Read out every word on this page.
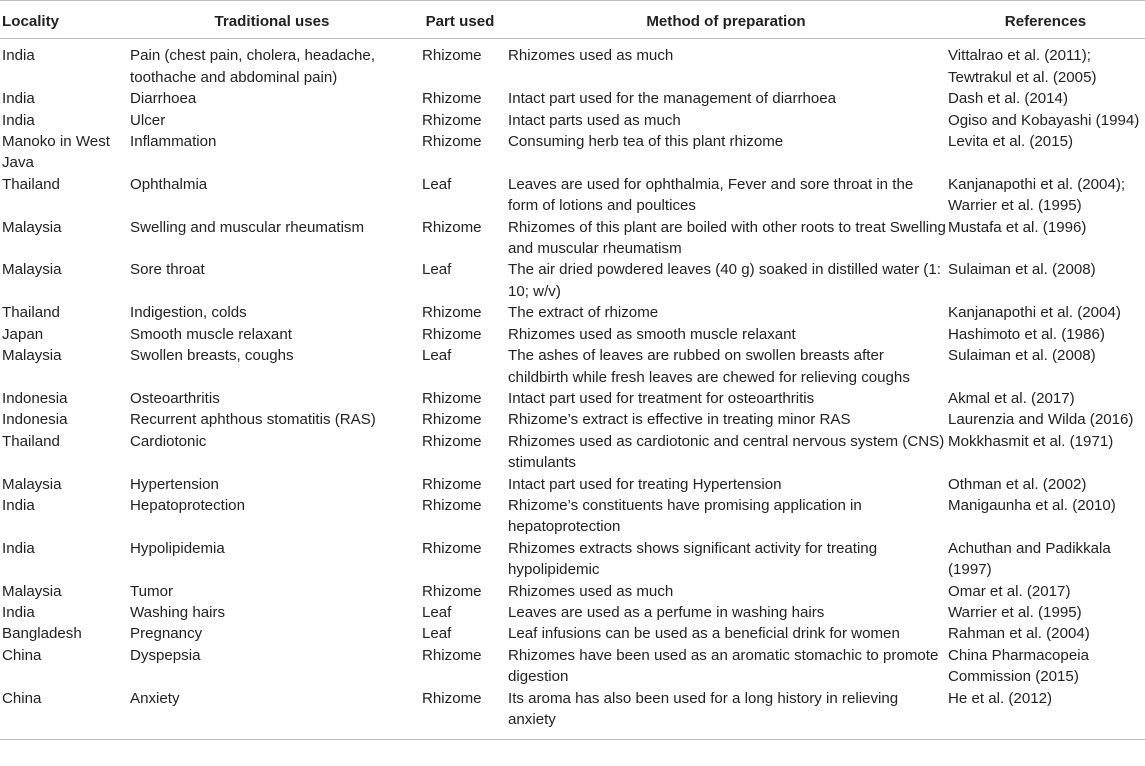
Locality	Traditional uses	Part used	Method of preparation	References
India	Pain (chest pain, cholera, headache, toothache and abdominal pain)	Rhizome	Rhizomes used as much	Vittalrao et al. (2011); Tewtrakul et al. (2005)
India	Diarrhoea	Rhizome	Intact part used for the management of diarrhoea	Dash et al. (2014)
India	Ulcer	Rhizome	Intact parts used as much	Ogiso and Kobayashi (1994)
Manoko in West Java	Inflammation	Rhizome	Consuming herb tea of this plant rhizome	Levita et al. (2015)
Thailand	Ophthalmia	Leaf	Leaves are used for ophthalmia, Fever and sore throat in the form of lotions and poultices	Kanjanapothi et al. (2004); Warrier et al. (1995)
Malaysia	Swelling and muscular rheumatism	Rhizome	Rhizomes of this plant are boiled with other roots to treat Swelling and muscular rheumatism	Mustafa et al. (1996)
Malaysia	Sore throat	Leaf	The air dried powdered leaves (40 g) soaked in distilled water (1: 10; w/v)	Sulaiman et al. (2008)
Thailand	Indigestion, colds	Rhizome	The extract of rhizome	Kanjanapothi et al. (2004)
Japan	Smooth muscle relaxant	Rhizome	Rhizomes used as smooth muscle relaxant	Hashimoto et al. (1986)
Malaysia	Swollen breasts, coughs	Leaf	The ashes of leaves are rubbed on swollen breasts after childbirth while fresh leaves are chewed for relieving coughs	Sulaiman et al. (2008)
Indonesia	Osteoarthritis	Rhizome	Intact part used for treatment for osteoarthritis	Akmal et al. (2017)
Indonesia	Recurrent aphthous stomatitis (RAS)	Rhizome	Rhizome’s extract is effective in treating minor RAS	Laurenzia and Wilda (2016)
Thailand	Cardiotonic	Rhizome	Rhizomes used as cardiotonic and central nervous system (CNS) stimulants	Mokkhasmit et al. (1971)
Malaysia	Hypertension	Rhizome	Intact part used for treating Hypertension	Othman et al. (2002)
India	Hepatoprotection	Rhizome	Rhizome’s constituents have promising application in hepatoprotection	Manigaunha et al. (2010)
India	Hypolipidemia	Rhizome	Rhizomes extracts shows significant activity for treating hypolipidemic	Achuthan and Padikkala (1997)
Malaysia	Tumor	Rhizome	Rhizomes used as much	Omar et al. (2017)
India	Washing hairs	Leaf	Leaves are used as a perfume in washing hairs	Warrier et al. (1995)
Bangladesh	Pregnancy	Leaf	Leaf infusions can be used as a beneficial drink for women	Rahman et al. (2004)
China	Dyspepsia	Rhizome	Rhizomes have been used as an aromatic stomachic to promote digestion	China Pharmacopeia Commission (2015)
China	Anxiety	Rhizome	Its aroma has also been used for a long history in relieving anxiety	He et al. (2012)
